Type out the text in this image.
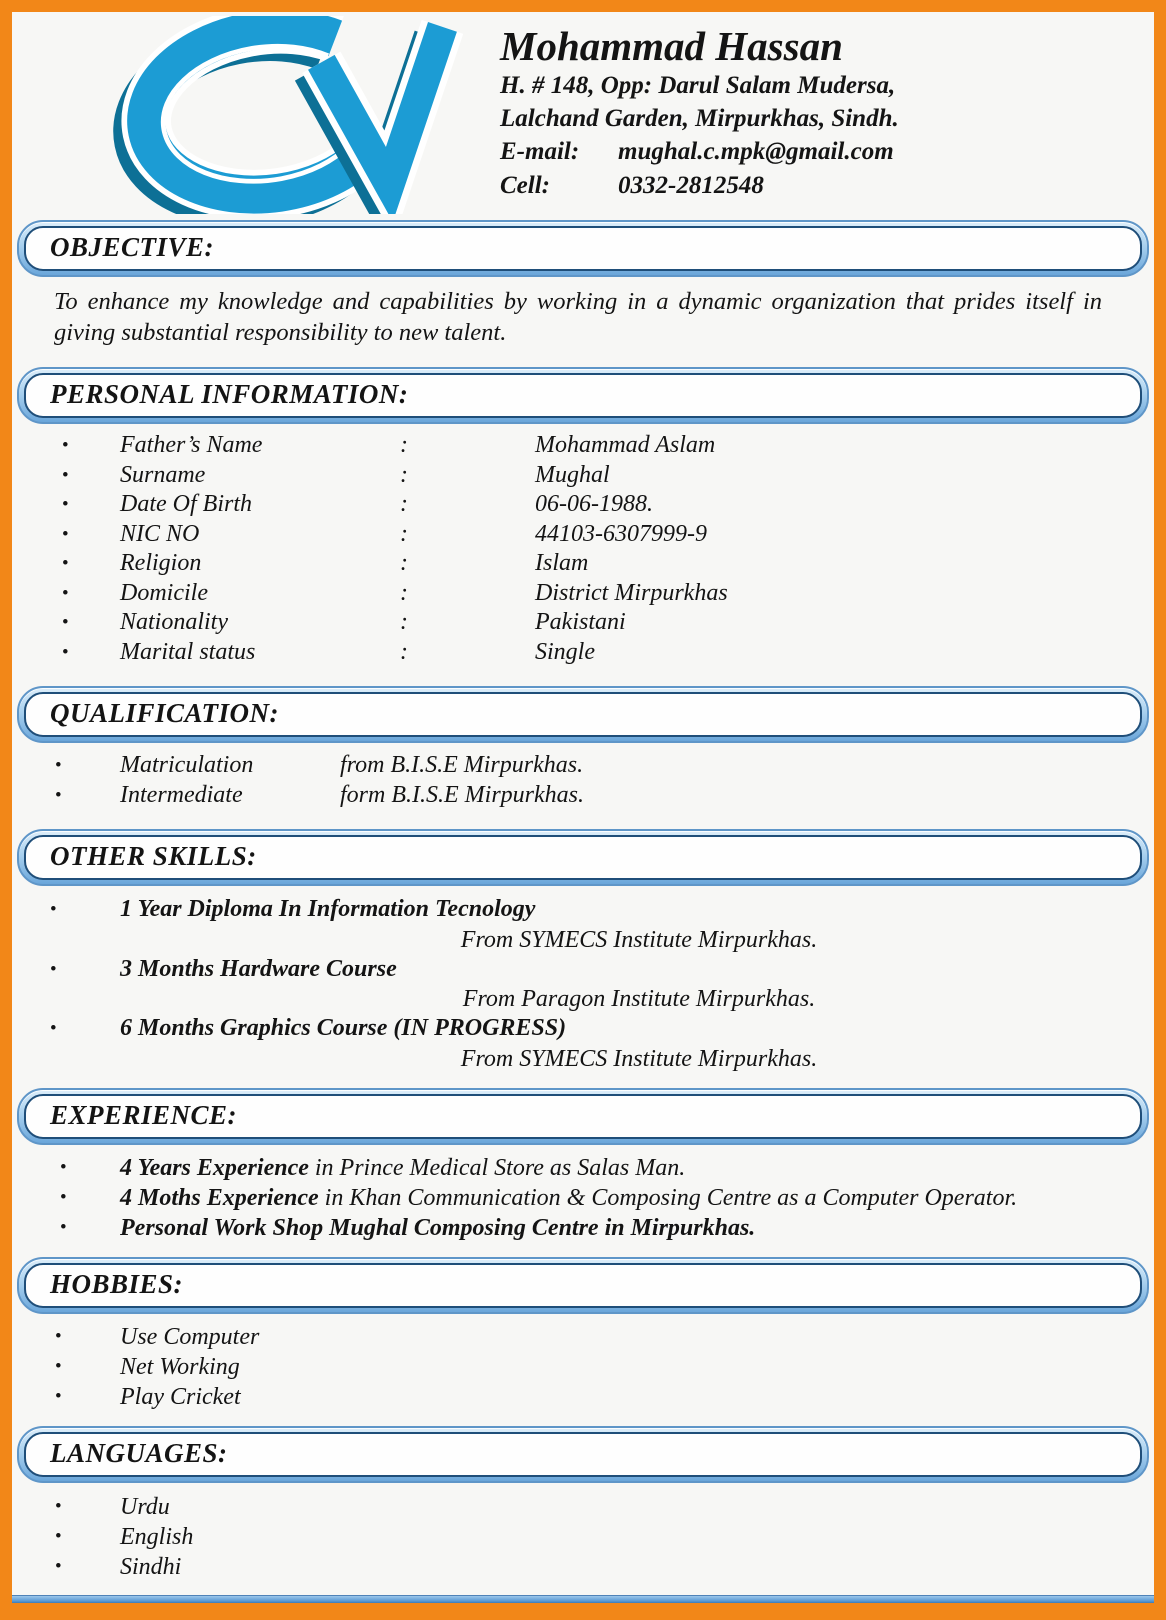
Mohammad Hassan
H. # 148, Opp: Darul Salam Mudersa,
Lalchand Garden, Mirpurkhas, Sindh.
E-mail:	mughal.c.mpk@gmail.com
Cell:	0332-2812548
OBJECTIVE:
To enhance my knowledge and capabilities by working in a dynamic organization that prides itself in giving substantial responsibility to new talent.
PERSONAL INFORMATION:
•	Father’s Name	:	Mohammad Aslam
•	Surname	:	Mughal
•	Date Of Birth	:	06-06-1988.
•	NIC NO	:	44103-6307999-9
•	Religion	:	Islam
•	Domicile	:	District Mirpurkhas
•	Nationality	:	Pakistani
•	Marital status	:	Single
QUALIFICATION:
•	Matriculation	from B.I.S.E Mirpurkhas.
•	Intermediate	form B.I.S.E Mirpurkhas.
OTHER SKILLS:
•	1 Year Diploma In Information Tecnology
From SYMECS Institute Mirpurkhas.
•	3 Months Hardware Course
From Paragon Institute Mirpurkhas.
•	6 Months Graphics Course (IN PROGRESS)
From SYMECS Institute Mirpurkhas.
EXPERIENCE:
• 4 Years Experience in Prince Medical Store as Salas Man.
• 4 Moths Experience in Khan Communication & Composing Centre as a Computer Operator.
• Personal Work Shop Mughal Composing Centre in Mirpurkhas.
HOBBIES:
•	Use Computer
•	Net Working
•	Play Cricket
LANGUAGES:
•	Urdu
•	English
•	Sindhi
